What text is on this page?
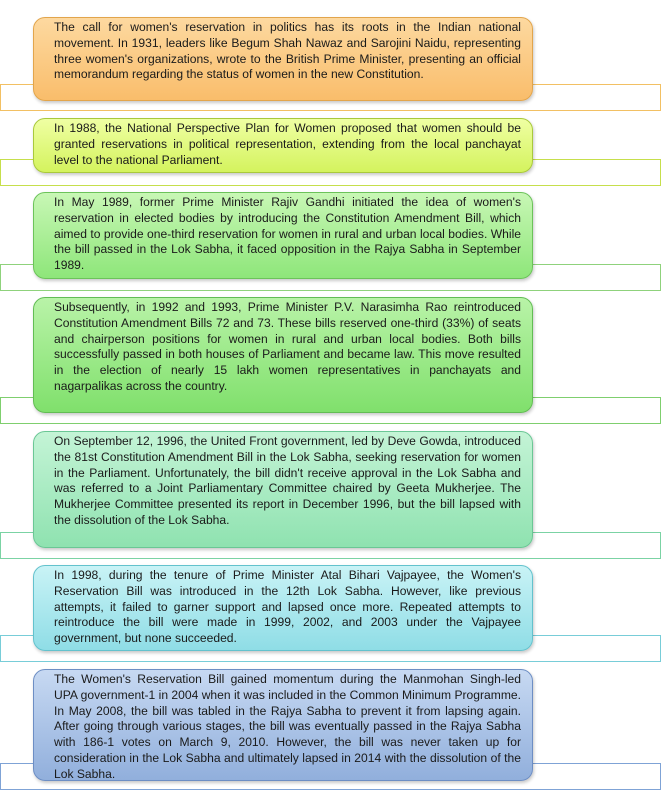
The call for women's reservation in politics has its roots in the Indian national movement. In 1931, leaders like Begum Shah Nawaz and Sarojini Naidu, representing three women's organizations, wrote to the British Prime Minister, presenting an official memorandum regarding the status of women in the new Constitution.

In 1988, the National Perspective Plan for Women proposed that women should be granted reservations in political representation, extending from the local panchayat level to the national Parliament.

In May 1989, former Prime Minister Rajiv Gandhi initiated the idea of women's reservation in elected bodies by introducing the Constitution Amendment Bill, which aimed to provide one-third reservation for women in rural and urban local bodies. While the bill passed in the Lok Sabha, it faced opposition in the Rajya Sabha in September 1989.

Subsequently, in 1992 and 1993, Prime Minister P.V. Narasimha Rao reintroduced Constitution Amendment Bills 72 and 73. These bills reserved one-third (33%) of seats and chairperson positions for women in rural and urban local bodies. Both bills successfully passed in both houses of Parliament and became law. This move resulted in the election of nearly 15 lakh women representatives in panchayats and nagarpalikas across the country.

On September 12, 1996, the United Front government, led by Deve Gowda, introduced the 81st Constitution Amendment Bill in the Lok Sabha, seeking reservation for women in the Parliament. Unfortunately, the bill didn't receive approval in the Lok Sabha and was referred to a Joint Parliamentary Committee chaired by Geeta Mukherjee. The Mukherjee Committee presented its report in December 1996, but the bill lapsed with the dissolution of the Lok Sabha.

In 1998, during the tenure of Prime Minister Atal Bihari Vajpayee, the Women's Reservation Bill was introduced in the 12th Lok Sabha. However, like previous attempts, it failed to garner support and lapsed once more. Repeated attempts to reintroduce the bill were made in 1999, 2002, and 2003 under the Vajpayee government, but none succeeded.

The Women's Reservation Bill gained momentum during the Manmohan Singh-led UPA government-1 in 2004 when it was included in the Common Minimum Programme. In May 2008, the bill was tabled in the Rajya Sabha to prevent it from lapsing again. After going through various stages, the bill was eventually passed in the Rajya Sabha with 186-1 votes on March 9, 2010. However, the bill was never taken up for consideration in the Lok Sabha and ultimately lapsed in 2014 with the dissolution of the Lok Sabha.
